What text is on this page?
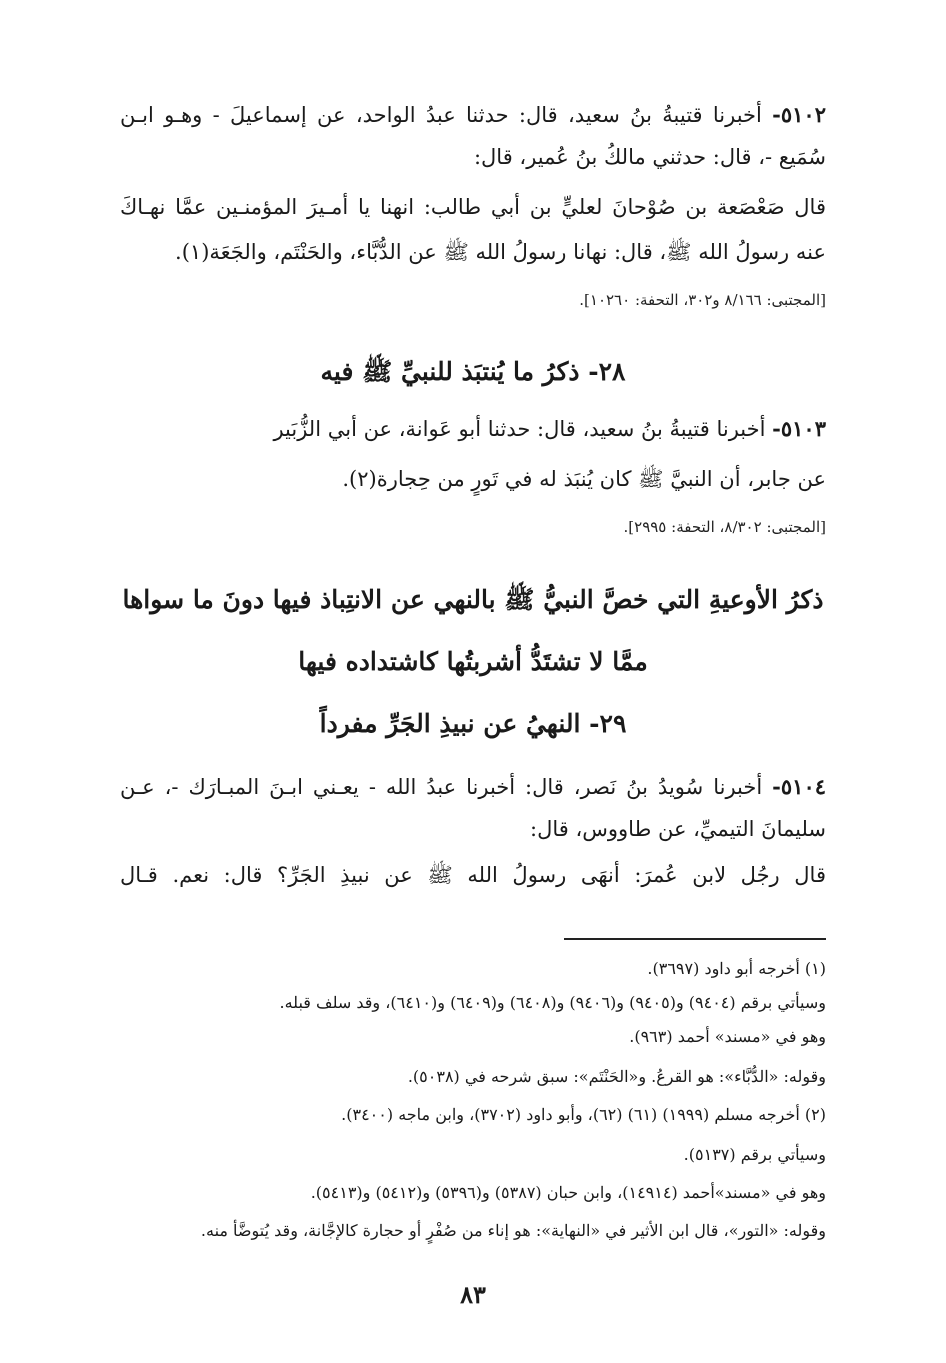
٥١٠٢- أخبرنا قتيبةُ بنُ سعيد، قال: حدثنا عبدُ الواحد، عن إسماعيلَ - وهـو ابـن
سُمَيع -، قال: حدثني مالكُ بنُ عُمير، قال:
قال صَعْصَعة بن صُوْحانَ لعليٍّ بن أبي طالب: انهنا يا أمـيرَ المؤمنـين عمَّا نهـاكَ
عنه رسولُ الله ﷺ، قال: نهانا رسولُ الله ﷺ عن الدُّبَّاء، والحَنْتَم، والجَعَة(١).
[المجتبى: ٨/١٦٦ و٣٠٢، التحفة: ١٠٢٦٠].
٢٨- ذكرُ ما يُنتبَذ للنبيِّ ﷺ فيه
٥١٠٣- أخبرنا قتيبةُ بنُ سعيد، قال: حدثنا أبو عَوانة، عن أبي الزُّبَير
عن جابر، أن النبيَّ ﷺ كان يُنبَذ له في تَورٍ من حِجارة(٢).
[المجتبى: ٨/٣٠٢، التحفة: ٢٩٩٥].
ذكرُ الأوعيةِ التي خصَّ النبيُّ ﷺ بالنهي عن الانتِباذ فيها دونَ ما سواها
ممَّا لا تشتَدُّ أشربتُها كاشتداده فيها
٢٩- النهيُ عن نبيذِ الجَرِّ مفرداً
٥١٠٤- أخبرنا سُويدُ بنُ نَصر، قال: أخبرنا عبدُ الله - يعـني ابـنَ المبـارَك -، عـن
سليمانَ التيميِّ، عن طاووس، قال:
قال رجُل لابن عُمرَ: أنهَى رسولُ الله ﷺ عن نبيذِ الجَرِّ؟ قال: نعم. قـال
(١) أخرجه أبو داود (٣٦٩٧).
وسيأتي برقم (٩٤٠٤) و(٩٤٠٥) و(٩٤٠٦) و(٦٤٠٨) و(٦٤٠٩) و(٦٤١٠)، وقد سلف قبله.
وهو في «مسند» أحمد (٩٦٣).
وقوله: «الدُّبَّاء»: هو القرعُ. و«الحَنْتَم»: سبق شرحه في (٥٠٣٨).
(٢) أخرجه مسلم (١٩٩٩) (٦١) (٦٢)، وأبو داود (٣٧٠٢)، وابن ماجه (٣٤٠٠).
وسيأتي برقم (٥١٣٧).
وهو في «مسند»أحمد (١٤٩١٤)، وابن حبان (٥٣٨٧) و(٥٣٩٦) و(٥٤١٢) و(٥٤١٣).
وقوله: «التور»، قال ابن الأثير في «النهاية»: هو إناء من صُفْرٍ أو حجارة كالإجَّانة، وقد يُتوضَّأ منه.
٨٣
